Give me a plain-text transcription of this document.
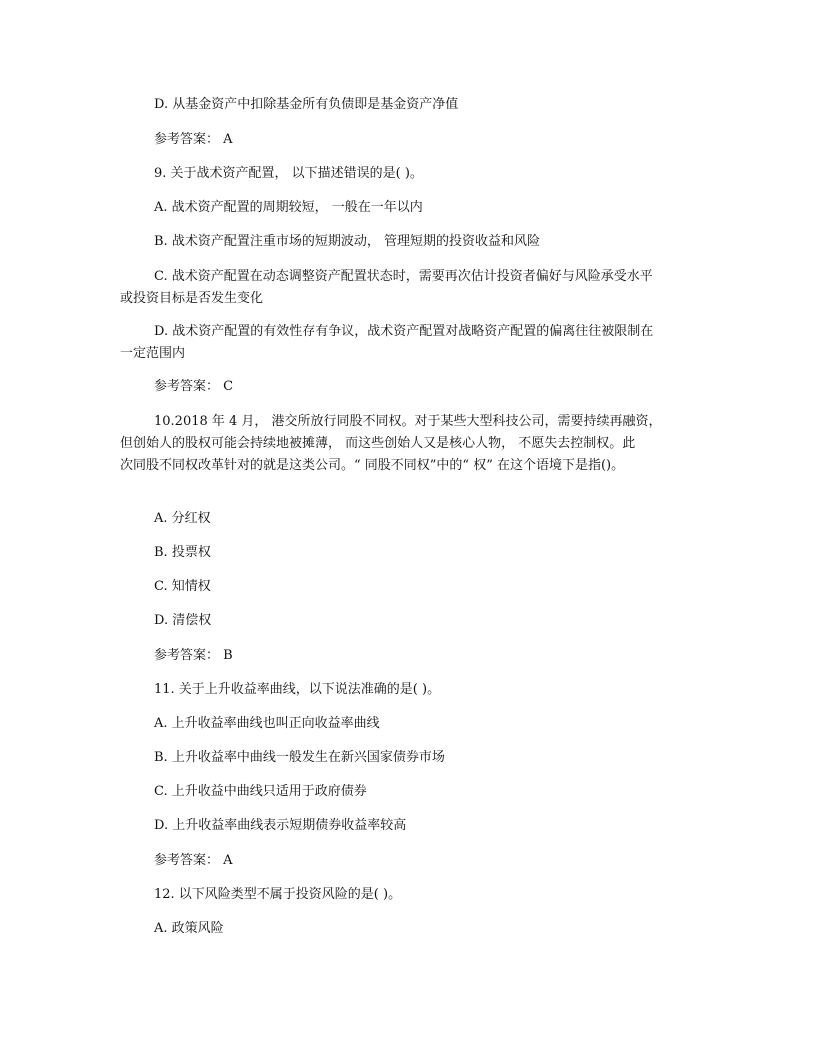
D. 从基金资产中扣除基金所有负债即是基金资产净值

参考答案： A

9. 关于战术资产配置， 以下描述错误的是( )。

A. 战术资产配置的周期较短， 一般在一年以内

B. 战术资产配置注重市场的短期波动， 管理短期的投资收益和风险

C. 战术资产配置在动态调整资产配置状态时，需要再次估计投资者偏好与风险承受水平

或投资目标是否发生变化

D. 战术资产配置的有效性存有争议，战术资产配置对战略资产配置的偏离往往被限制在

一定范围内

参考答案： C

10.2018 年 4 月， 港交所放行同股不同权。对于某些大型科技公司，需要持续再融资，

但创始人的股权可能会持续地被摊薄， 而这些创始人又是核心人物， 不愿失去控制权。此

次同股不同权改革针对的就是这类公司。“ 同股不同权”中的“ 权” 在这个语境下是指()。

A. 分红权

B. 投票权

C. 知情权

D. 清偿权

参考答案： B

11. 关于上升收益率曲线，以下说法准确的是( )。

A. 上升收益率曲线也叫正向收益率曲线

B. 上升收益率中曲线一般发生在新兴国家债券市场

C. 上升收益中曲线只适用于政府债券

D. 上升收益率曲线表示短期债券收益率较高

参考答案： A

12. 以下风险类型不属于投资风险的是( )。

A. 政策风险
